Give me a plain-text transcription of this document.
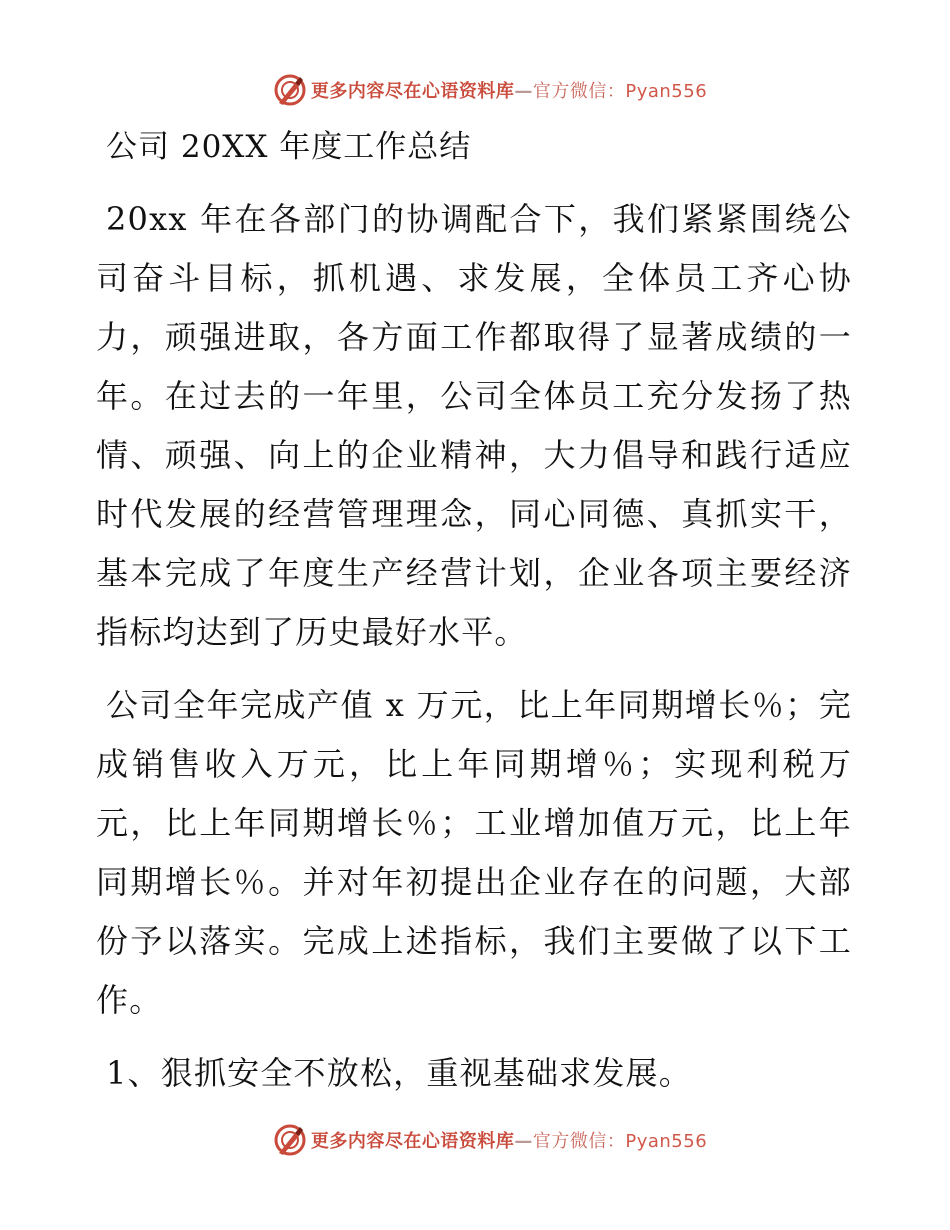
更多内容尽在心语资料库—官方微信：Pyan556
公司 20XX 年度工作总结
20xx 年在各部门的协调配合下，我们紧紧围绕公司奋斗目标，抓机遇、求发展，全体员工齐心协力，顽强进取，各方面工作都取得了显著成绩的一年。在过去的一年里，公司全体员工充分发扬了热情、顽强、向上的企业精神，大力倡导和践行适应时代发展的经营管理理念，同心同德、真抓实干，基本完成了年度生产经营计划，企业各项主要经济指标均达到了历史最好水平。
公司全年完成产值 x 万元，比上年同期增长％；完成销售收入万元，比上年同期增％；实现利税万元，比上年同期增长％；工业增加值万元，比上年同期增长％。并对年初提出企业存在的问题，大部份予以落实。完成上述指标，我们主要做了以下工作。
1、狠抓安全不放松，重视基础求发展。
更多内容尽在心语资料库—官方微信：Pyan556
